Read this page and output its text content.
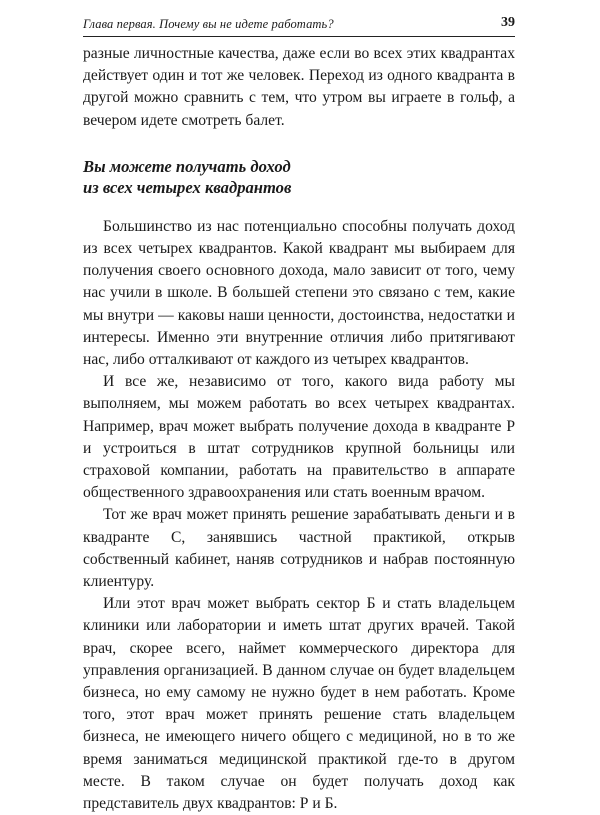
Глава первая. Почему вы не идете работать?	39

разные личностные качества, даже если во всех этих квадрантах действует один и тот же человек. Переход из одного квадранта в другой можно сравнить с тем, что утром вы играете в гольф, а вечером идете смотреть балет.

Вы можете получать доход
из всех четырех квадрантов

Большинство из нас потенциально способны получать доход из всех четырех квадрантов. Какой квадрант мы выбираем для получения своего основного дохода, мало зависит от того, чему нас учили в школе. В большей степени это связано с тем, какие мы внутри — каковы наши ценности, достоинства, недостатки и интересы. Именно эти внутренние отличия либо притягивают нас, либо отталкивают от каждого из четырех квадрантов.

И все же, независимо от того, какого вида работу мы выполняем, мы можем работать во всех четырех квадрантах. Например, врач может выбрать получение дохода в квадранте Р и устроиться в штат сотрудников крупной больницы или страховой компании, работать на правительство в аппарате общественного здравоохранения или стать военным врачом.

Тот же врач может принять решение зарабатывать деньги и в квадранте С, занявшись частной практикой, открыв собственный кабинет, наняв сотрудников и набрав постоянную клиентуру.

Или этот врач может выбрать сектор Б и стать владельцем клиники или лаборатории и иметь штат других врачей. Такой врач, скорее всего, наймет коммерческого директора для управления организацией. В данном случае он будет владельцем бизнеса, но ему самому не нужно будет в нем работать. Кроме того, этот врач может принять решение стать владельцем бизнеса, не имеющего ничего общего с медициной, но в то же время заниматься медицинской практикой где-то в другом месте. В таком случае он будет получать доход как представитель двух квадрантов: Р и Б.
